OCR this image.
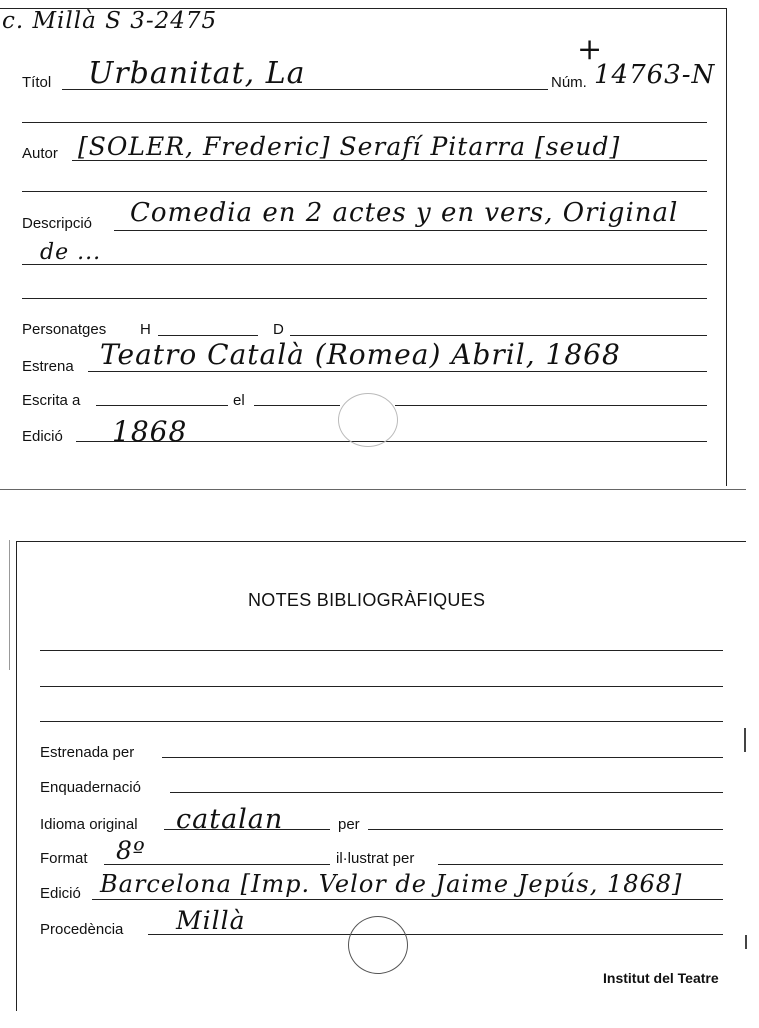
c. Millà S 3-2475
+
Títol Urbanitat, La	Núm. 14763-N
Autor [SOLER, Frederic] Serafí Pitarra [seud]
Descripció Comedia en 2 actes y en vers, Original
de ...
Personatges H	D
Estrena Teatro Català (Romea) Abril, 1868
Escrita a	el
Edició 1868
NOTES BIBLIOGRÀFIQUES
Estrenada per
Enquadernació
Idioma original catalan	per
Format 8º	il·lustrat per
Edició Barcelona [Imp. Velor de Jaime Jepús, 1868]
Procedència Millà
Institut del Teatre
